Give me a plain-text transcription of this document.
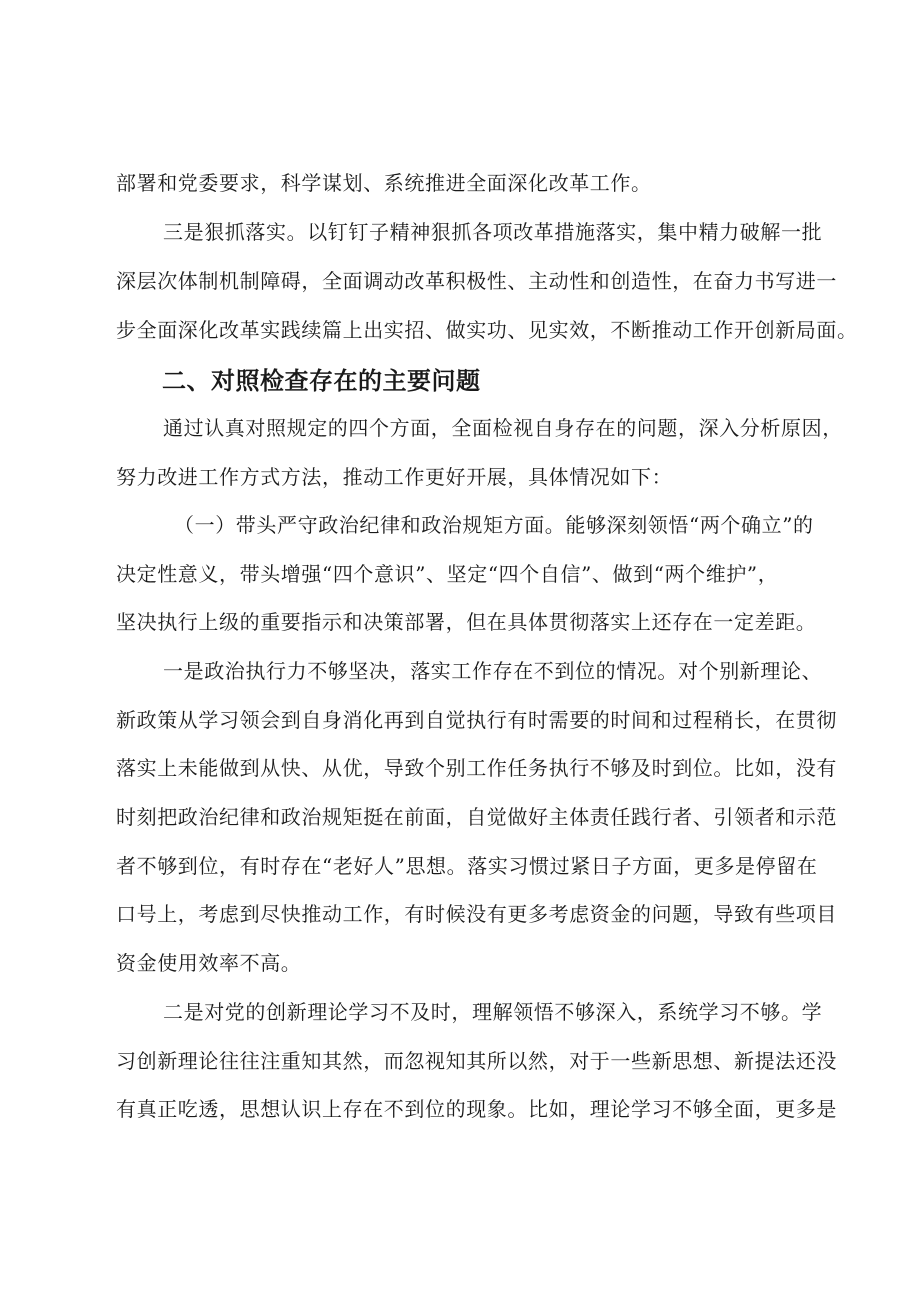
部署和党委要求，科学谋划、系统推进全面深化改革工作。
三是狠抓落实。以钉钉子精神狠抓各项改革措施落实，集中精力破解一批
深层次体制机制障碍，全面调动改革积极性、主动性和创造性，在奋力书写进一
步全面深化改革实践续篇上出实招、做实功、见实效，不断推动工作开创新局面。
二、对照检查存在的主要问题
通过认真对照规定的四个方面，全面检视自身存在的问题，深入分析原因，
努力改进工作方式方法，推动工作更好开展，具体情况如下：
（一）带头严守政治纪律和政治规矩方面。能够深刻领悟“两个确立”的
决定性意义，带头增强“四个意识”、坚定“四个自信”、做到“两个维护”，
坚决执行上级的重要指示和决策部署，但在具体贯彻落实上还存在一定差距。
一是政治执行力不够坚决，落实工作存在不到位的情况。对个别新理论、
新政策从学习领会到自身消化再到自觉执行有时需要的时间和过程稍长，在贯彻
落实上未能做到从快、从优，导致个别工作任务执行不够及时到位。比如，没有
时刻把政治纪律和政治规矩挺在前面，自觉做好主体责任践行者、引领者和示范
者不够到位，有时存在“老好人”思想。落实习惯过紧日子方面，更多是停留在
口号上，考虑到尽快推动工作，有时候没有更多考虑资金的问题，导致有些项目
资金使用效率不高。
二是对党的创新理论学习不及时，理解领悟不够深入，系统学习不够。学
习创新理论往往注重知其然，而忽视知其所以然，对于一些新思想、新提法还没
有真正吃透，思想认识上存在不到位的现象。比如，理论学习不够全面，更多是
